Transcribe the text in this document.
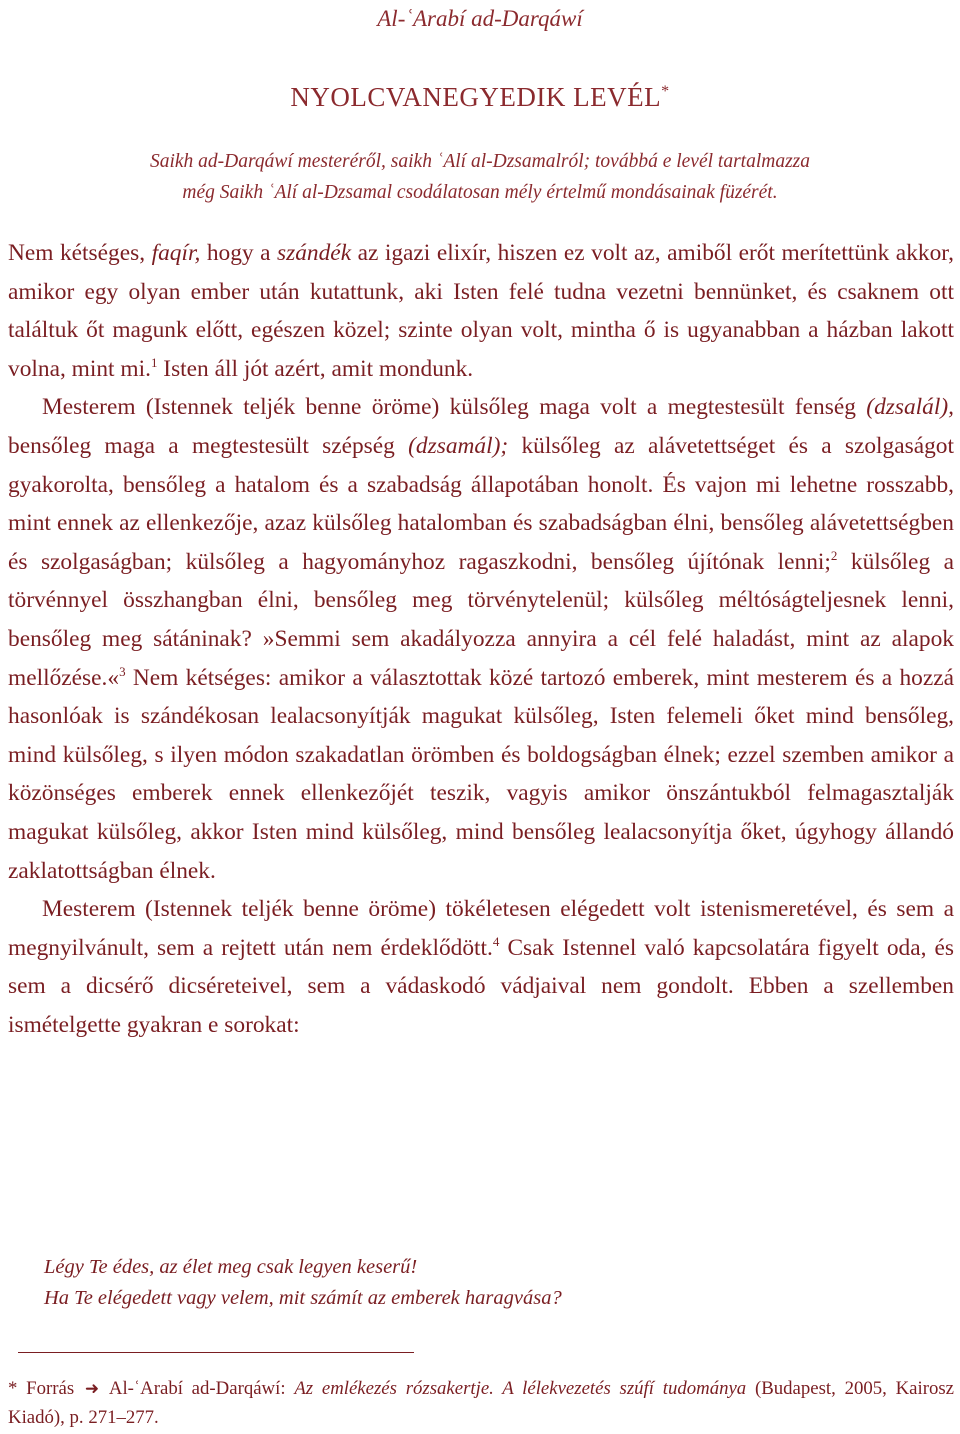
Al-ʿArabí ad-Darqáwí
NYOLCVANEGYEDIK LEVÉL*
Saikh ad-Darqáwí mesteréről, saikh ʿAlí al-Dzsamalról; továbbá e levél tartalmazza
még Saikh ʿAlí al-Dzsamal csodálatosan mély értelmű mondásainak füzérét.

Nem kétséges, faqír, hogy a szándék az igazi elixír, hiszen ez volt az, amiből erőt merítettünk akkor, amikor egy olyan ember után kutattunk, aki Isten felé tudna vezetni bennünket, és csaknem ott találtuk őt magunk előtt, egészen közel; szinte olyan volt, mintha ő is ugyanabban a házban lakott volna, mint mi.$^1$ Isten áll jót azért, amit mondunk.

Mesterem (Istennek teljék benne öröme) külsőleg maga volt a megtestesült fenség (dzsalál), bensőleg maga a megtestesült szépség (dzsamál); külsőleg az alávetettséget és a szolgaságot gyakorolta, bensőleg a hatalom és a szabadság állapotában honolt. És vajon mi lehetne rosszabb, mint ennek az ellenkezője, azaz külsőleg hatalomban és szabadságban élni, bensőleg alávetettségben és szolgaságban; külsőleg a hagyományhoz ragaszkodni, bensőleg újítónak lenni;$^2$ külsőleg a törvénnyel összhangban élni, bensőleg meg törvénytelenül; külsőleg méltóságteljesnek lenni, bensőleg meg sátáninak? »Semmi sem akadályozza annyira a cél felé haladást, mint az alapok mellőzése.«$^3$ Nem kétséges: amikor a választottak közé tartozó emberek, mint mesterem és a hozzá hasonlóak is szándékosan lealacsonyítják magukat külsőleg, Isten felemeli őket mind bensőleg, mind külsőleg, s ilyen módon szakadatlan örömben és boldogságban élnek; ezzel szemben amikor a közönséges emberek ennek ellenkezőjét teszik, vagyis amikor önszántukból felmagasztalják magukat külsőleg, akkor Isten mind külsőleg, mind bensőleg lealacsonyítja őket, úgyhogy állandó zaklatottságban élnek.

Mesterem (Istennek teljék benne öröme) tökéletesen elégedett volt istenismeretével, és sem a megnyilvánult, sem a rejtett után nem érdeklődött.$^4$ Csak Istennel való kapcsolatára figyelt oda, és sem a dicsérő dicséreteivel, sem a vádaskodó vádjaival nem gondolt. Ebben a szellemben ismételgette gyakran e sorokat:

Légy Te édes, az élet meg csak legyen keserű!
Ha Te elégedett vagy velem, mit számít az emberek haragvása?
* Forrás ➜ Al-ʿArabí ad-Darqáwí: Az emlékezés rózsakertje. A lélekvezetés szúfí tudománya (Budapest, 2005, Kairosz Kiadó), p. 271–277.
